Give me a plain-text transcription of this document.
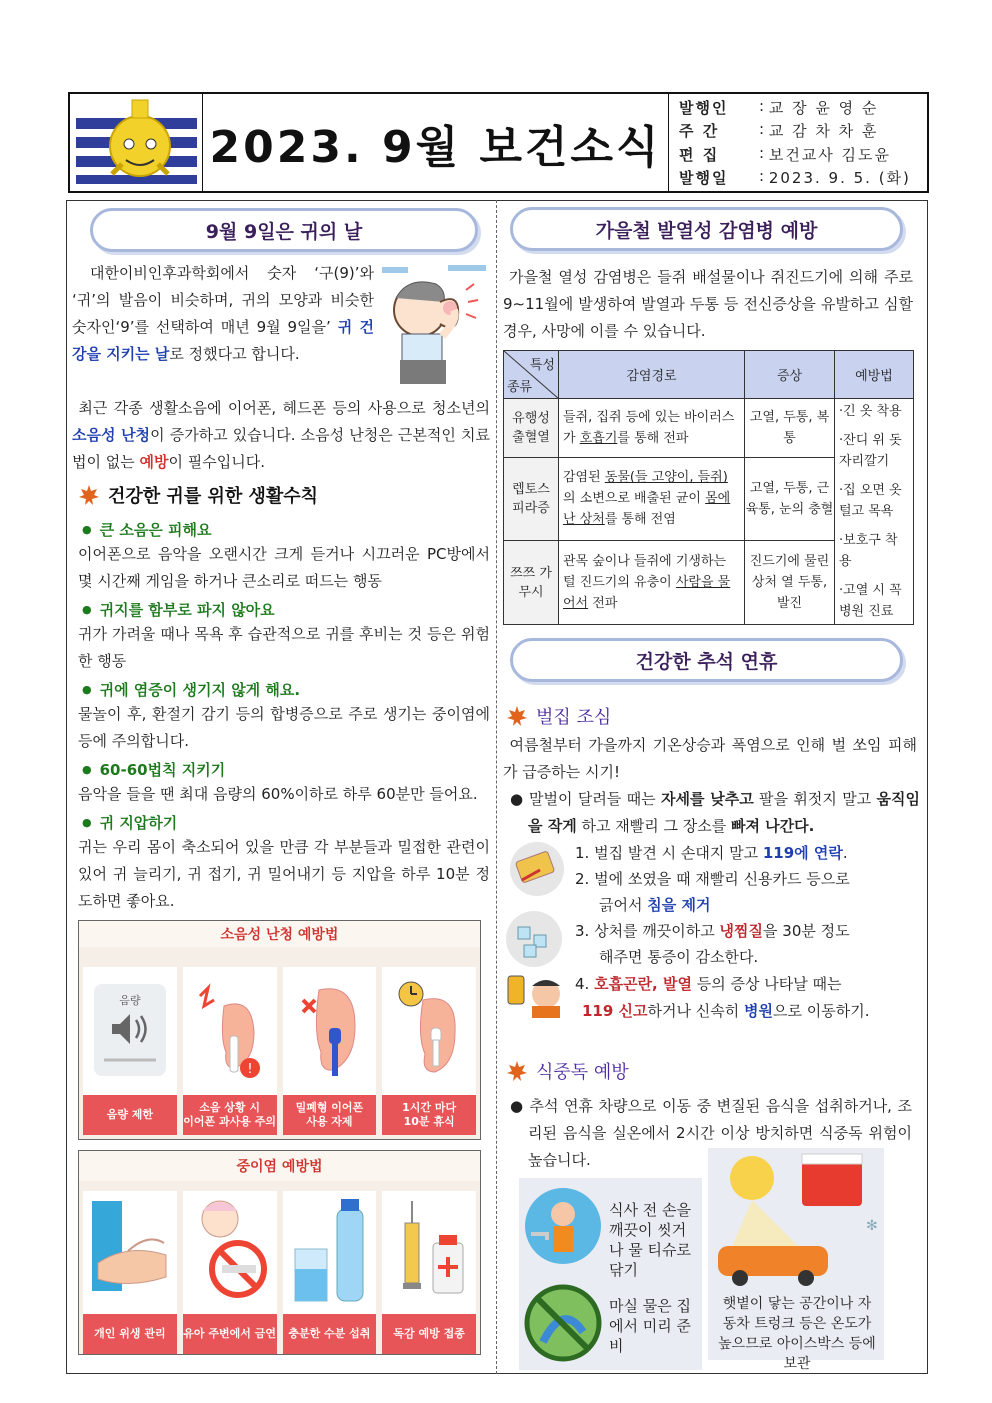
2023. 9월 보건소식
발행인	: 교 장 윤 영 순
주 간	: 교 감 차 차 훈
편 집	: 보건교사 김도윤
발행일	: 2023. 9. 5. (화)
9월 9일은 귀의 날
대한이비인후과학회에서 숫자 ‘구(9)’와 ‘귀’의 발음이 비슷하며, 귀의 모양과 비슷한 숫자인‘9’를 선택하여 매년 9월 9일을’ 귀 건강을 지키는 날로 정했다고 합니다.
최근 각종 생활소음에 이어폰, 헤드폰 등의 사용으로 청소년의 소음성 난청이 증가하고 있습니다. 소음성 난청은 근본적인 치료법이 없는 예방이 필수입니다.
건강한 귀를 위한 생활수칙
● 큰 소음은 피해요
이어폰으로 음악을 오랜시간 크게 듣거나 시끄러운 PC방에서 몇 시간째 게임을 하거나 큰소리로 떠드는 행동
● 귀지를 함부로 파지 않아요
귀가 가려울 때나 목욕 후 습관적으로 귀를 후비는 것 등은 위험한 행동
● 귀에 염증이 생기지 않게 해요.
물놀이 후, 환절기 감기 등의 합병증으로 주로 생기는 중이염에 등에 주의합니다.
● 60-60법칙 지키기
음악을 들을 땐 최대 음량의 60%이하로 하루 60분만 들어요.
● 귀 지압하기
귀는 우리 몸이 축소되어 있을 만큼 각 부분들과 밀접한 관련이 있어 귀 늘리기, 귀 접기, 귀 밀어내기 등 지압을 하루 10분 정도하면 좋아요.
소음성 난청 예방법
음량
음량 제한
!
소음 상황 시
이어폰 과사용 주의
밀폐형 이어폰
사용 자제
1시간 마다
10분 휴식
중이염 예방법
개인 위생 관리 유아 주변에서 금연 충분한 수분 섭취 독감 예방 접종
가을철 발열성 감염병 예방
가을철 열성 감염병은 들쥐 배설물이나 쥐진드기에 의해 주로 9∼11월에 발생하여 발열과 두통 등 전신증상을 유발하고 심할 경우, 사망에 이를 수 있습니다.
특성
종류	감염경로	증상	예방법
유행성 출혈열	들쥐, 집쥐 등에 있는 바이러스가 호흡기를 통해 전파	고열, 두통, 복통	·긴 옷 착용
·잔디 위 돗자리깔기
·집 오면 옷 털고 목욕
·보호구 착용
·고열 시 꼭 병원 진료

렙토스 피라증	감염된 동물(들 고양이, 들쥐)의 소변으로 배출된 균이 몸에 난 상처를 통해 전염	고열, 두통, 근육통, 눈의 충혈	
쯔쯔 가무시	관목 숲이나 들쥐에 기생하는 털 진드기의 유충이 사람을 물어서 전파	진드기에 물린 상처 열 두통, 발진	
건강한 추석 연휴
벌집 조심
여름철부터 가을까지 기온상승과 폭염으로 인해 벌 쏘임 피해가 급증하는 시기!
● 말벌이 달려들 때는 자세를 낮추고 팔을 휘젓지 말고 움직임을 작게 하고 재빨리 그 장소를 빠져 나간다.
1. 벌집 발견 시 손대지 말고 119에 연락.
2. 벌에 쏘였을 때 재빨리 신용카드 등으로
긁어서 침을 제거
3. 상처를 깨끗이하고 냉찜질을 30분 정도
해주면 통증이 감소한다.
4. 호흡곤란, 발열 등의 증상 나타날 때는
119 신고하거나 신속히 병원으로 이동하기.
식중독 예방
● 추석 연휴 차량으로 이동 중 변질된 음식을 섭취하거나, 조리된 음식을 실온에서 2시간 이상 방치하면 식중독 위험이 높습니다.
식사 전 손을 깨끗이 씻거나 물 티슈로 닦기
마실 물은 집에서 미리 준비
✻
햇볕이 닿는 공간이나 자동차 트렁크 등은 온도가 높으므로 아이스박스 등에 보관
